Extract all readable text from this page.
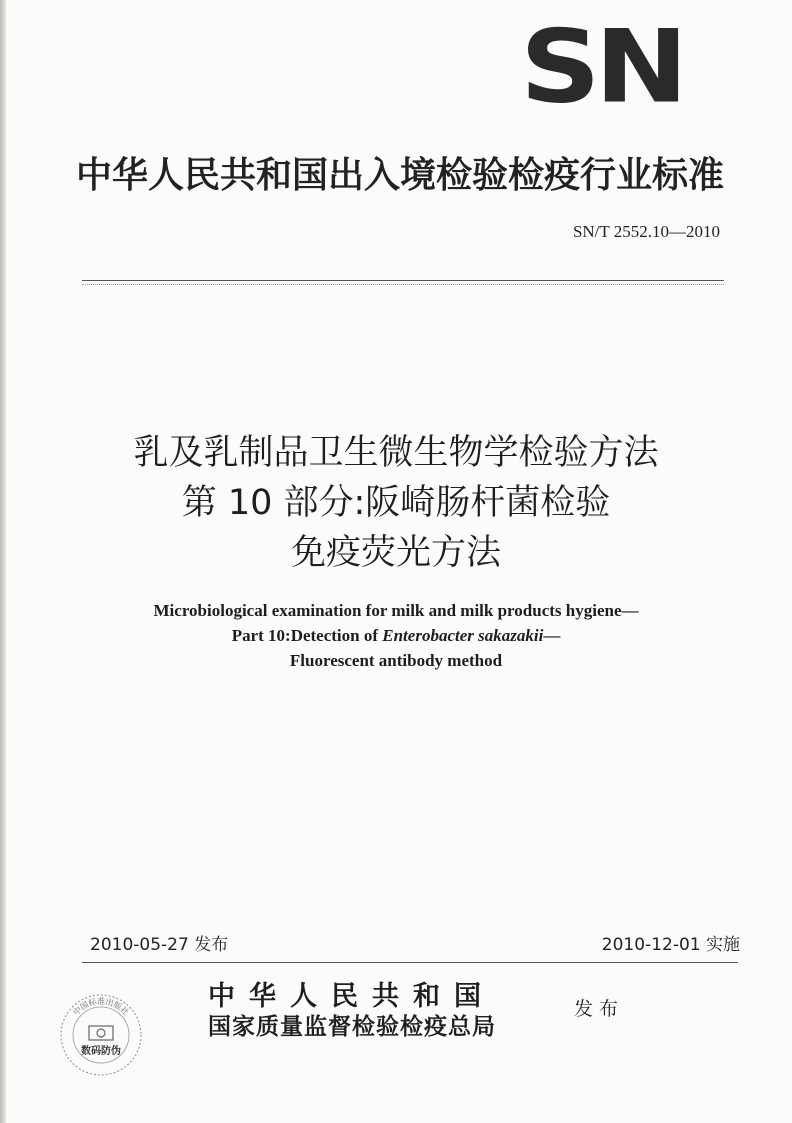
SN
中华人民共和国出入境检验检疫行业标准
SN/T 2552.10—2010
乳及乳制品卫生微生物学检验方法
第 10 部分:阪崎肠杆菌检验
免疫荧光方法
Microbiological examination for milk and milk products hygiene—
Part 10:Detection of Enterobacter sakazakii—
Fluorescent antibody method
2010-05-27 发布	2010-12-01 实施
中华人民共和国
国家质量监督检验检疫总局
发布
中国标准出版社
数码防伪
